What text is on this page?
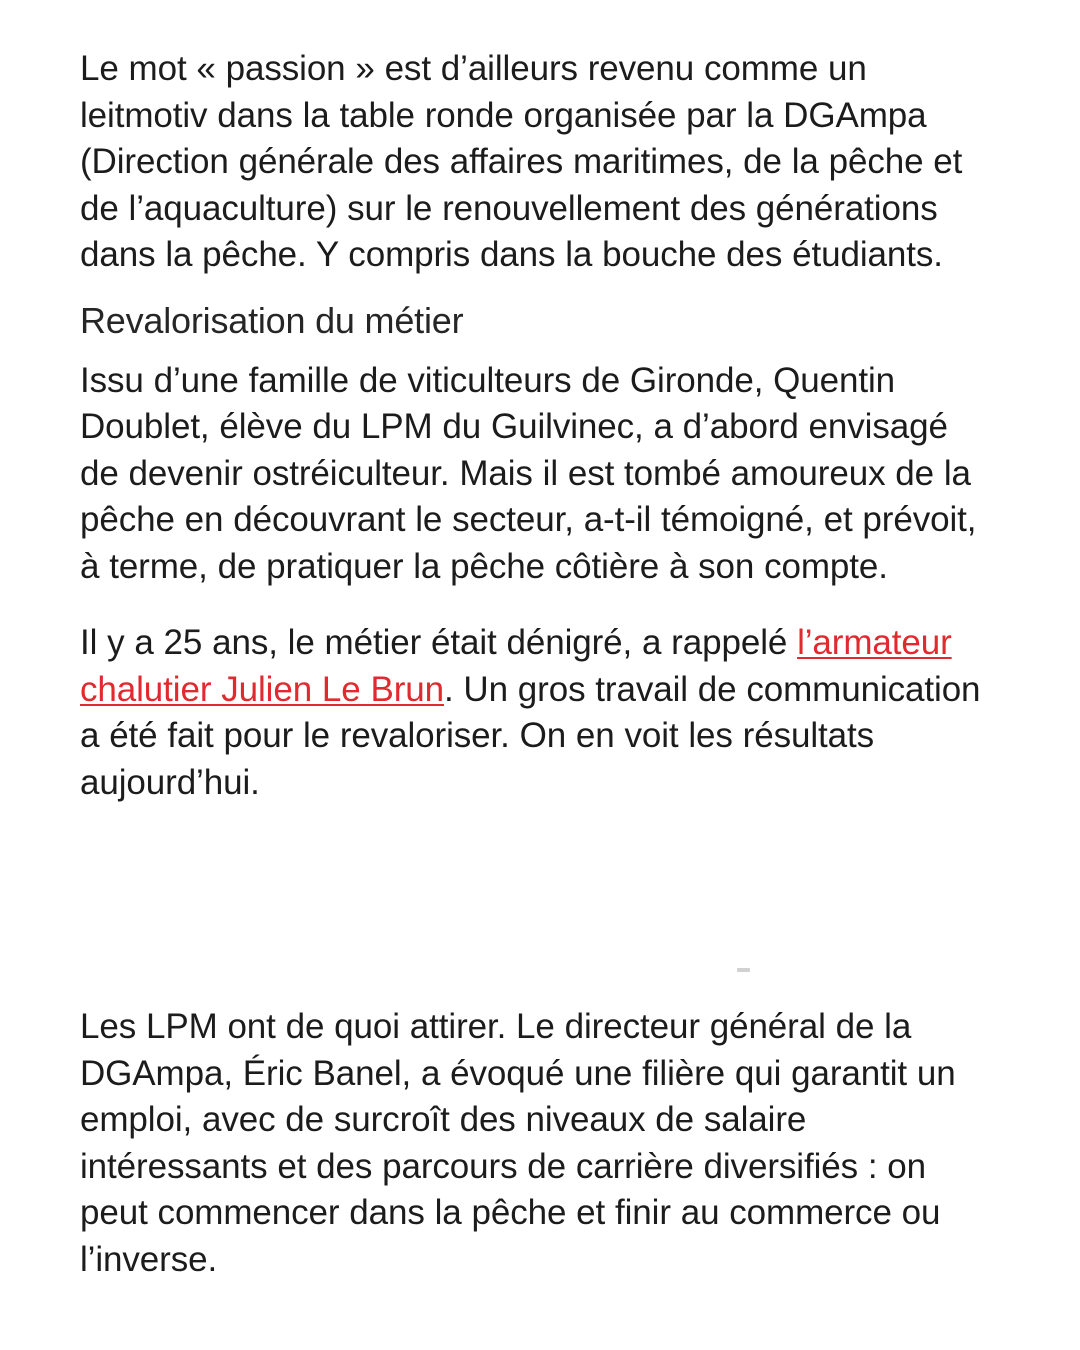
Le mot « passion » est d’ailleurs revenu comme un leitmotiv dans la table ronde organisée par la DGAmpa (Direction générale des affaires maritimes, de la pêche et de l’aquaculture) sur le renouvellement des générations dans la pêche. Y compris dans la bouche des étudiants.

Revalorisation du métier

Issu d’une famille de viticulteurs de Gironde, Quentin Doublet, élève du LPM du Guilvinec, a d’abord envisagé de devenir ostréiculteur. Mais il est tombé amoureux de la pêche en découvrant le secteur, a-t-il témoigné, et prévoit, à terme, de pratiquer la pêche côtière à son compte.

Il y a 25 ans, le métier était dénigré, a rappelé l’armateur chalutier Julien Le Brun. Un gros travail de communication a été fait pour le revaloriser. On en voit les résultats aujourd’hui.

Les LPM ont de quoi attirer. Le directeur général de la DGAmpa, Éric Banel, a évoqué une filière qui garantit un emploi, avec de surcroît des niveaux de salaire intéressants et des parcours de carrière diversifiés : on peut commencer dans la pêche et finir au commerce ou l’inverse.
